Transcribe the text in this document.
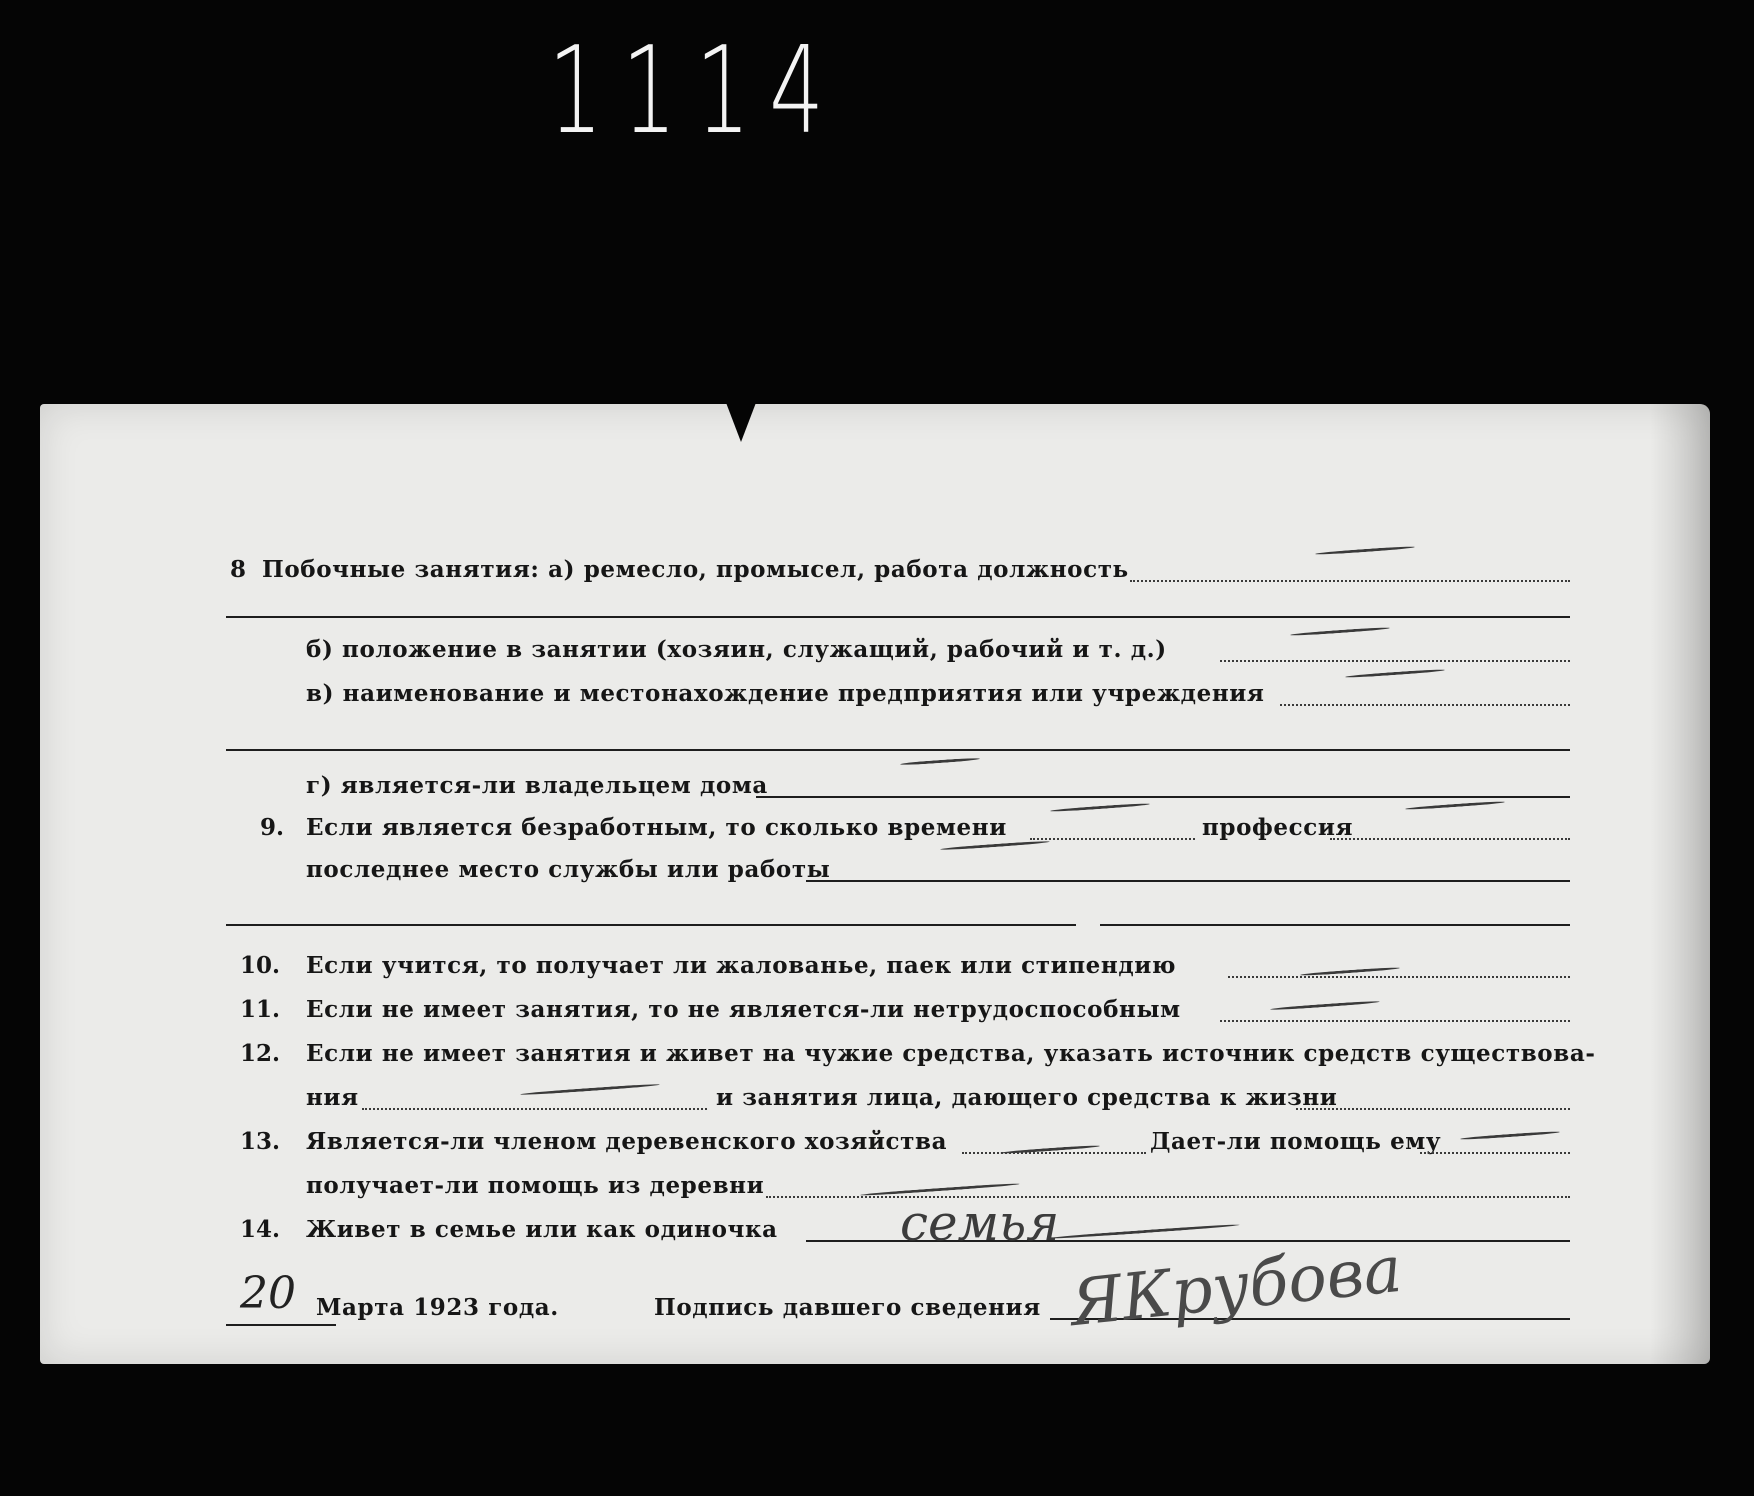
1114
8 Побочные занятия: а) ремесло, промысел, работа должность
б) положение в занятии (хозяин, служащий, рабочий и т. д.)
в) наименование и местонахождение предприятия или учреждения
г) является-ли владельцем дома
9. Если является безработным, то сколько времени	профессия
последнее место службы или работы
10. Если учится, то получает ли жалованье, паек или стипендию
11. Если не имеет занятия, то не является-ли нетрудоспособным
12. Если не имеет занятия и живет на чужие средства, указать источник средств существова-
ния	и занятия лица, дающего средства к жизни
13. Является-ли членом деревенского хозяйства	Дает-ли помощь ему
получает-ли помощь из деревни
14. Живет в семье или как одиночка семья
20 Марта 1923 года.	Подпись давшего сведения ЯКрубова
